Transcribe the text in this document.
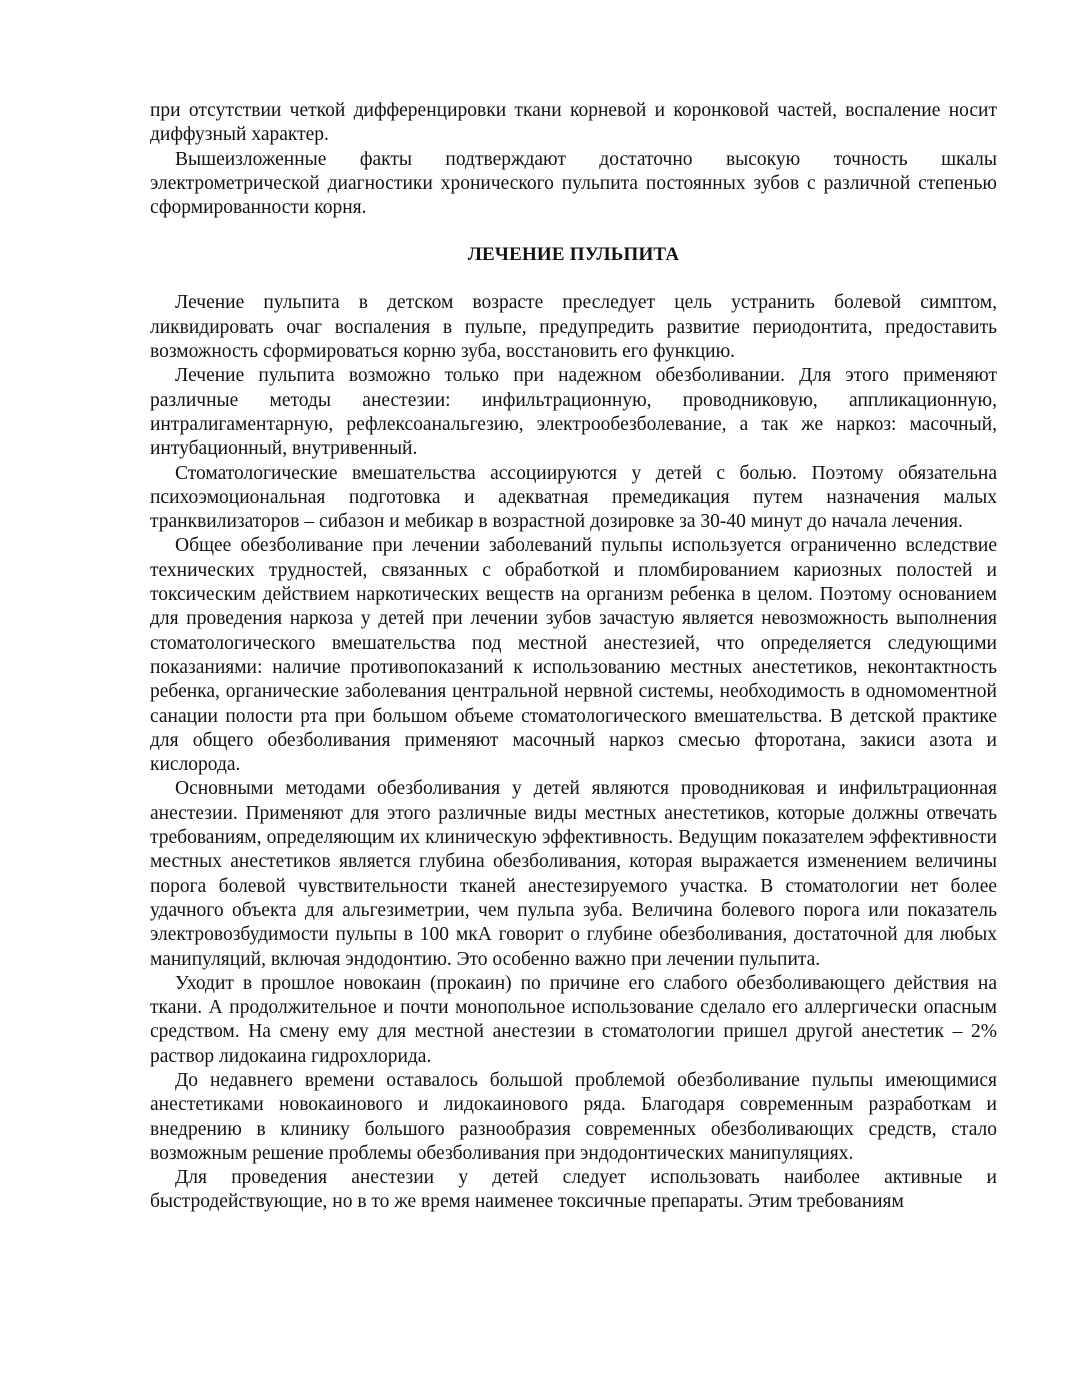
при отсутствии четкой дифференцировки ткани корневой и коронковой частей, воспаление носит диффузный характер.

Вышеизложенные факты подтверждают достаточно высокую точность шкалы электрометрической диагностики хронического пульпита постоянных зубов с различной степенью сформированности корня.

ЛЕЧЕНИЕ ПУЛЬПИТА

Лечение пульпита в детском возрасте преследует цель устранить болевой симптом, ликвидировать очаг воспаления в пульпе, предупредить развитие периодонтита, предоставить возможность сформироваться корню зуба, восстановить его функцию.

Лечение пульпита возможно только при надежном обезболивании. Для этого применяют различные методы анестезии: инфильтрационную, проводниковую, аппликационную, интралигаментарную, рефлексоанальгезию, электрообезболевание, а так же наркоз: масочный, интубационный, внутривенный.

Стоматологические вмешательства ассоциируются у детей с болью. Поэтому обязательна психоэмоциональная подготовка и адекватная премедикация путем назначения малых транквилизаторов – сибазон и мебикар в возрастной дозировке за 30-40 минут до начала лечения.

Общее обезболивание при лечении заболеваний пульпы используется ограниченно вследствие технических трудностей, связанных с обработкой и пломбированием кариозных полостей и токсическим действием наркотических веществ на организм ребенка в целом. Поэтому основанием для проведения наркоза у детей при лечении зубов зачастую является невозможность выполнения стоматологического вмешательства под местной анестезией, что определяется следующими показаниями: наличие противопоказаний к использованию местных анестетиков, неконтактность ребенка, органические заболевания центральной нервной системы, необходимость в одномоментной санации полости рта при большом объеме стоматологического вмешательства. В детской практике для общего обезболивания применяют масочный наркоз смесью фторотана, закиси азота и кислорода.

Основными методами обезболивания у детей являются проводниковая и инфильтрационная анестезии. Применяют для этого различные виды местных анестетиков, которые должны отвечать требованиям, определяющим их клиническую эффективность. Ведущим показателем эффективности местных анестетиков является глубина обезболивания, которая выражается изменением величины порога болевой чувствительности тканей анестезируемого участка. В стоматологии нет более удачного объекта для альгезиметрии, чем пульпа зуба. Величина болевого порога или показатель электровозбудимости пульпы в 100 мкА говорит о глубине обезболивания, достаточной для любых манипуляций, включая эндодонтию. Это особенно важно при лечении пульпита.

Уходит в прошлое новокаин (прокаин) по причине его слабого обезболивающего действия на ткани. А продолжительное и почти монопольное использование сделало его аллергически опасным средством. На смену ему для местной анестезии в стоматологии пришел другой анестетик – 2% раствор лидокаина гидрохлорида.

До недавнего времени оставалось большой проблемой обезболивание пульпы имеющимися анестетиками новокаинового и лидокаинового ряда. Благодаря современным разработкам и внедрению в клинику большого разнообразия современных обезболивающих средств, стало возможным решение проблемы обезболивания при эндодонтических манипуляциях.

Для проведения анестезии у детей следует использовать наиболее активные и быстродействующие, но в то же время наименее токсичные препараты. Этим требованиям
